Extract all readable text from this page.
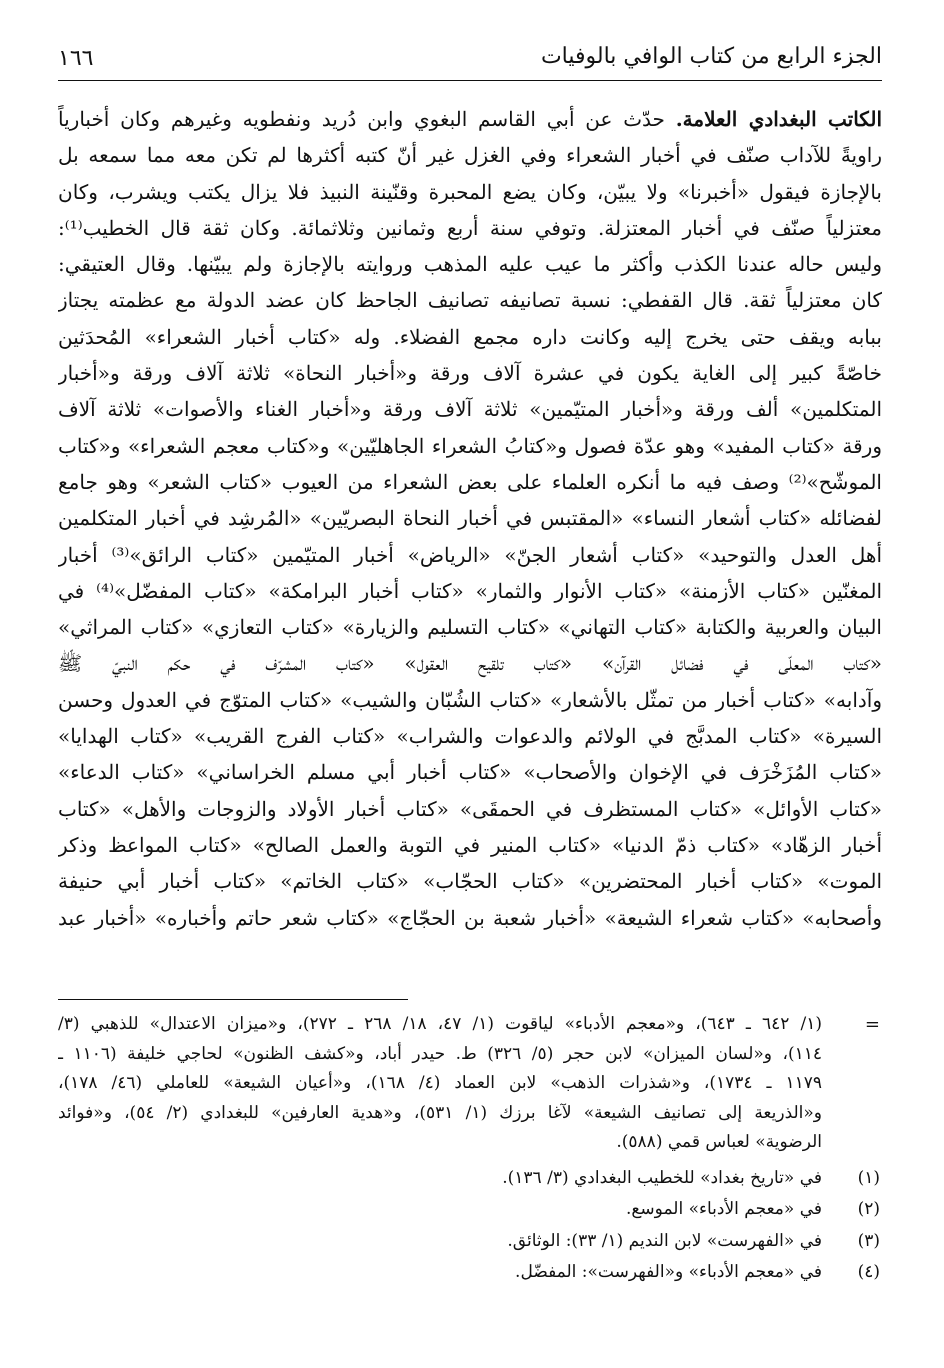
الجزء الرابع من كتاب الوافي بالوفيات
١٦٦
الكاتب البغدادي العلامة. حدّث عن أبي القاسم البغوي وابن دُريد ونفطويه وغيرهم وكان أخبارياً
راويةً للآداب صنّف في أخبار الشعراء وفي الغزل غير أنّ كتبه أكثرها لم تكن معه مما سمعه بل
بالإجازة فيقول «أخبرنا» ولا يبيّن، وكان يضع المحبرة وقنّينة النبيذ فلا يزال يكتب ويشرب، وكان
معتزلياً صنّف في أخبار المعتزلة. وتوفي سنة أربع وثمانين وثلاثمائة. وكان ثقة قال الخطيب⁽¹⁾:
وليس حاله عندنا الكذب وأكثر ما عيب عليه المذهب وروايته بالإجازة ولم يبيّنها. وقال العتيقي:
كان معتزلياً ثقة. قال القفطي: نسبة تصانيفه تصانيف الجاحظ كان عضد الدولة مع عظمته يجتاز
ببابه ويقف حتى يخرج إليه وكانت داره مجمع الفضلاء. وله «كتاب أخبار الشعراء» المُحدَثين
خاصّةً كبير إلى الغاية يكون في عشرة آلاف ورقة و«أخبار النحاة» ثلاثة آلاف ورقة و«أخبار
المتكلمين» ألف ورقة و«أخبار المتيّمين» ثلاثة آلاف ورقة و«أخبار الغناء والأصوات» ثلاثة آلاف
ورقة «كتاب المفيد» وهو عدّة فصول و«كتابُ الشعراء الجاهليّين» و«كتاب معجم الشعراء» و«كتاب
الموشّح»⁽²⁾ وصف فيه ما أنكره العلماء على بعض الشعراء من العيوب «كتاب الشعر» وهو جامع
لفضائله «كتاب أشعار النساء» «المقتبس في أخبار النحاة البصريّين» «المُرشِد في أخبار المتكلمين
أهل العدل والتوحيد» «كتاب أشعار الجنّ» «الرياض» أخبار المتيّمين «كتاب الرائق»⁽³⁾ أخبار
المغنّين «كتاب الأزمنة» «كتاب الأنوار والثمار» «كتاب أخبار البرامكة» «كتاب المفضّل»⁽⁴⁾ في
البيان والعربية والكتابة «كتاب التهاني» «كتاب التسليم والزيارة» «كتاب التعازي» «كتاب المراثي»
«كتاب المعلّى في فضائل القرآن» «كتاب تلقيح العقول» «كتاب المشرّف في حكم النبيّ ﷺ
وآدابه» «كتاب أخبار من تمثّل بالأشعار» «كتاب الشُبّان والشيب» «كتاب المتوّج في العدول وحسن
السيرة» «كتاب المدبَّج في الولائم والدعوات والشراب» «كتاب الفرج القريب» «كتاب الهدايا»
«كتاب المُزَخْرَف في الإخوان والأصحاب» «كتاب أخبار أبي مسلم الخراساني» «كتاب الدعاء»
«كتاب الأوائل» «كتاب المستظرف في الحمقَى» «كتاب أخبار الأولاد والزوجات والأهل» «كتاب
أخبار الزهّاد» «كتاب ذمّ الدنيا» «كتاب المنير في التوبة والعمل الصالح» «كتاب المواعظ وذكر
الموت» «كتاب أخبار المحتضرين» «كتاب الحجّاب» «كتاب الخاتم» «كتاب أخبار أبي حنيفة
وأصحابه» «كتاب شعراء الشيعة» «أخبار شعبة بن الحجّاج» «كتاب شعر حاتم وأخباره» «أخبار عبد
=
(١/ ٦٤٢ ـ ٦٤٣)، و«معجم الأدباء» لياقوت (١/ ٤٧، ١٨/ ٢٦٨ ـ ٢٧٢)، و«ميزان الاعتدال» للذهبي (٣/
١١٤)، و«لسان الميزان» لابن حجر (٥/ ٣٢٦) ط. حيدر أباد، و«كشف الظنون» لحاجي خليفة (١١٠٦ ـ
١١٧٩ ـ ١٧٣٤)، و«شذرات الذهب» لابن العماد (٤/ ١٦٨)، و«أعيان الشيعة» للعاملي (٤٦/ ١٧٨)،
و«الذريعة إلى تصانيف الشيعة» لآغا برزك (١/ ٥٣١)، و«هدية العارفين» للبغدادي (٢/ ٥٤)، و«فوائد
الرضوية» لعباس قمي (٥٨٨).
(١)
في «تاريخ بغداد» للخطيب البغدادي (٣/ ١٣٦).
(٢)
في «معجم الأدباء» الموسع.
(٣)
في «الفهرست» لابن النديم (١/ ٣٣): الوثائق.
(٤)
في «معجم الأدباء» و«الفهرست»: المفضّل.
